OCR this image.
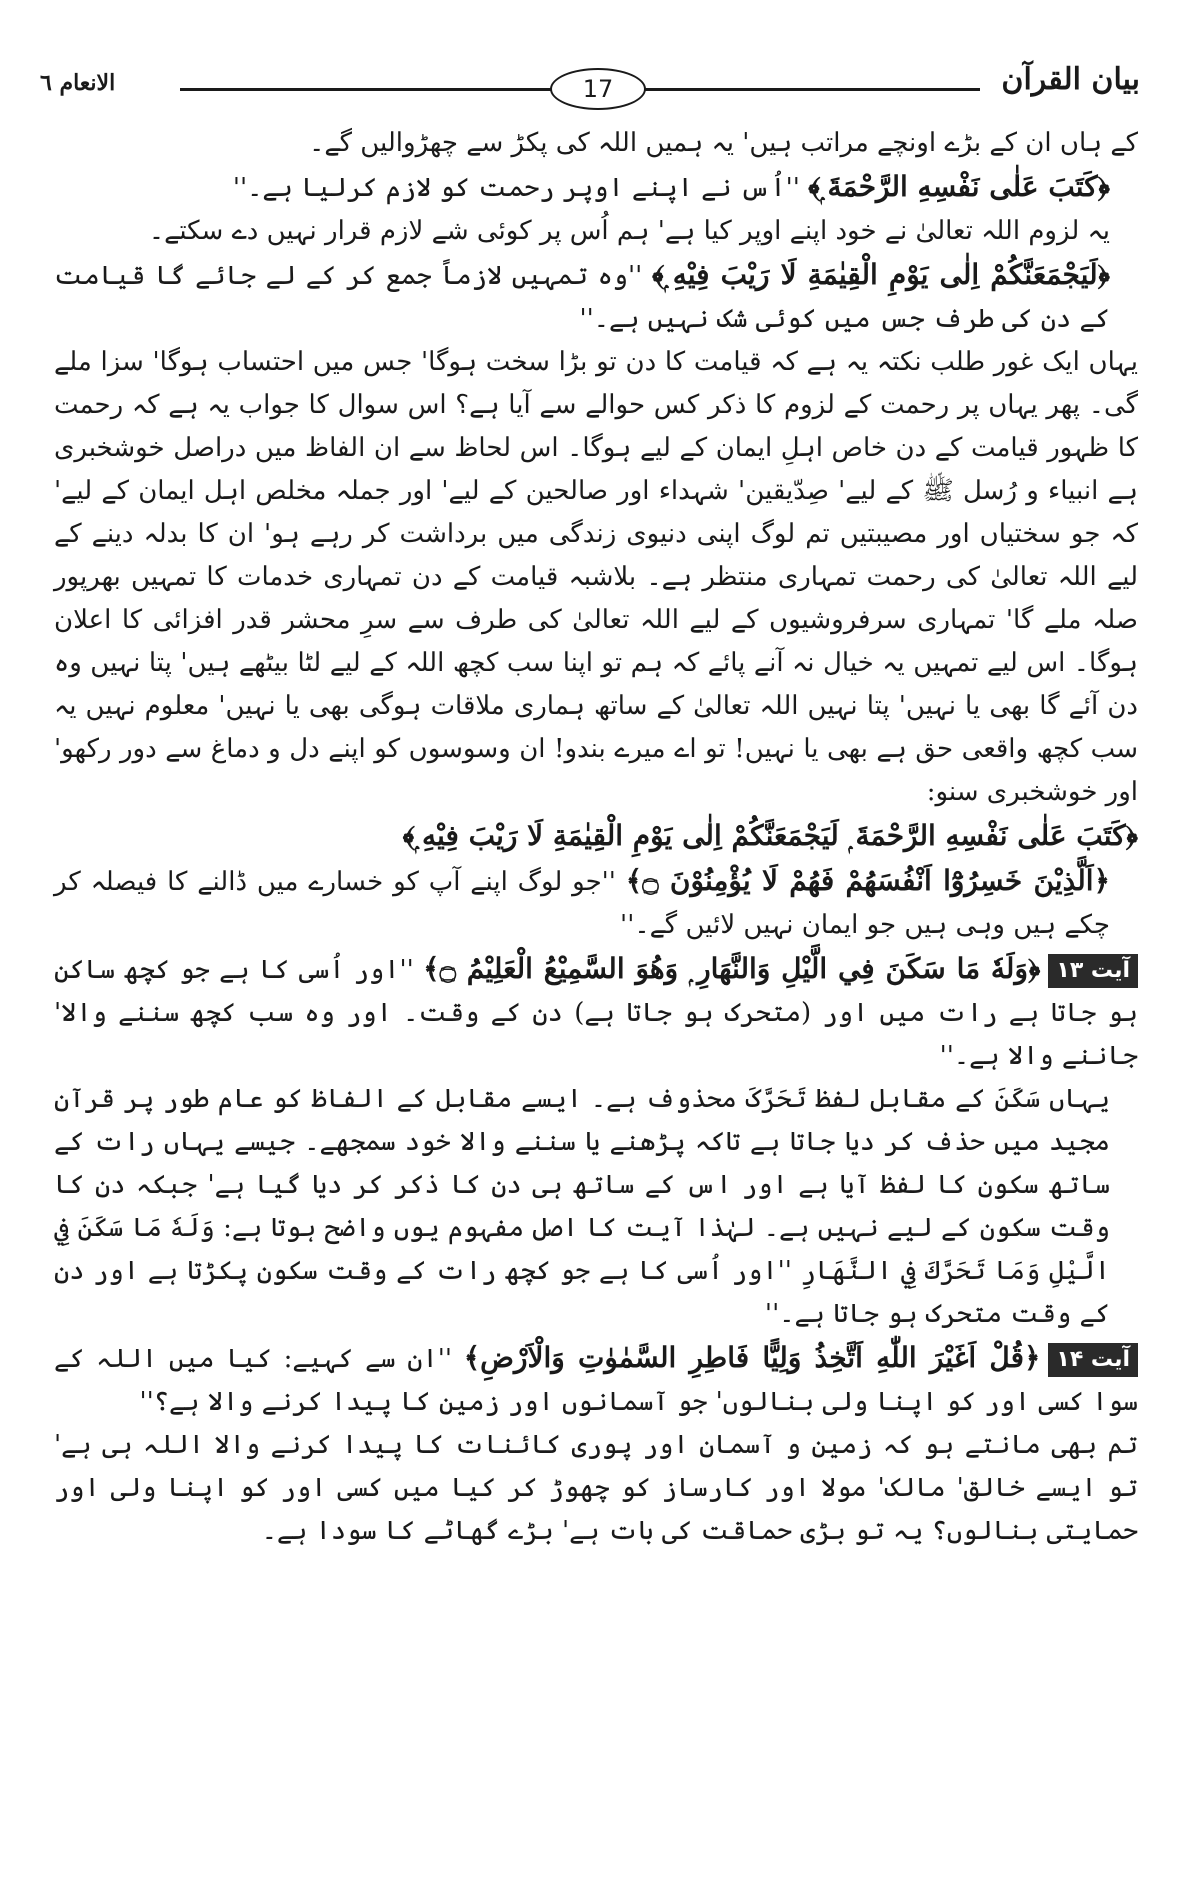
بیان القرآن
17
الانعام ٦

کے ہاں ان کے بڑے اونچے مراتب ہیں' یہ ہمیں اللہ کی پکڑ سے چھڑوالیں گے۔

﴿كَتَبَ عَلٰى نَفْسِهِ الرَّحْمَةَ ۭ﴾ ''اُس نے اپنے اوپر رحمت کو لازم کرلیا ہے۔''

یہ لزوم اللہ تعالیٰ نے خود اپنے اوپر کیا ہے' ہم اُس پر کوئی شے لازم قرار نہیں دے سکتے۔

﴿لَيَجْمَعَنَّكُمْ اِلٰى يَوْمِ الْقِيٰمَةِ لَا رَيْبَ فِيْهِ ۭ﴾ ''وہ تمہیں لازماً جمع کر کے لے جائے گا قیامت کے دن کی طرف جس میں کوئی شک نہیں ہے۔''

یہاں ایک غور طلب نکتہ یہ ہے کہ قیامت کا دن تو بڑا سخت ہوگا' جس میں احتساب ہوگا' سزا ملے گی۔ پھر یہاں پر رحمت کے لزوم کا ذکر کس حوالے سے آیا ہے؟ اس سوال کا جواب یہ ہے کہ رحمت کا ظہور قیامت کے دن خاص اہلِ ایمان کے لیے ہوگا۔ اس لحاظ سے ان الفاظ میں دراصل خوشخبری ہے انبیاء و رُسل ﷺ کے لیے' صِدّیقین' شہداء اور صالحین کے لیے' اور جملہ مخلص اہل ایمان کے لیے' کہ جو سختیاں اور مصیبتیں تم لوگ اپنی دنیوی زندگی میں برداشت کر رہے ہو' ان کا بدلہ دینے کے لیے اللہ تعالیٰ کی رحمت تمہاری منتظر ہے۔ بلاشبہ قیامت کے دن تمہاری خدمات کا تمہیں بھرپور صلہ ملے گا' تمہاری سرفروشیوں کے لیے اللہ تعالیٰ کی طرف سے سرِ محشر قدر افزائی کا اعلان ہوگا۔ اس لیے تمہیں یہ خیال نہ آنے پائے کہ ہم تو اپنا سب کچھ اللہ کے لیے لٹا بیٹھے ہیں' پتا نہیں وہ دن آئے گا بھی یا نہیں' پتا نہیں اللہ تعالیٰ کے ساتھ ہماری ملاقات ہوگی بھی یا نہیں' معلوم نہیں یہ سب کچھ واقعی حق ہے بھی یا نہیں! تو اے میرے بندو! ان وسوسوں کو اپنے دل و دماغ سے دور رکھو' اور خوشخبری سنو:

﴿كَتَبَ عَلٰى نَفْسِهِ الرَّحْمَةَ ۭ لَيَجْمَعَنَّكُمْ اِلٰى يَوْمِ الْقِيٰمَةِ لَا رَيْبَ فِيْهِ ۭ﴾

﴿اَلَّذِيْنَ خَسِرُوْٓا اَنْفُسَهُمْ فَهُمْ لَا يُؤْمِنُوْنَ ۝﴾ ''جو لوگ اپنے آپ کو خسارے میں ڈالنے کا فیصلہ کر چکے ہیں وہی ہیں جو ایمان نہیں لائیں گے۔''

آیت ۱۳﴿وَلَهٗ مَا سَكَنَ فِي الَّيْلِ وَالنَّهَارِ ۭ وَهُوَ السَّمِيْعُ الْعَلِيْمُ ۝﴾ ''اور اُسی کا ہے جو کچھ ساکن ہو جاتا ہے رات میں اور (متحرک ہو جاتا ہے) دن کے وقت۔ اور وہ سب کچھ سننے والا' جاننے والا ہے۔''

یہاں سَکَنَ کے مقابل لفظ تَحَرَّکَ محذوف ہے۔ ایسے مقابل کے الفاظ کو عام طور پر قرآن مجید میں حذف کر دیا جاتا ہے تاکہ پڑھنے یا سننے والا خود سمجھے۔ جیسے یہاں رات کے ساتھ سکون کا لفظ آیا ہے اور اس کے ساتھ ہی دن کا ذکر کر دیا گیا ہے' جبکہ دن کا وقت سکون کے لیے نہیں ہے۔ لہٰذا آیت کا اصل مفہوم یوں واضح ہوتا ہے: وَلَهٗ مَا سَكَنَ فِي الَّيْلِ وَمَا تَحَرَّكَ فِي النَّهَارِ ''اور اُسی کا ہے جو کچھ رات کے وقت سکون پکڑتا ہے اور دن کے وقت متحرک ہو جاتا ہے۔''

آیت ۱۴﴿قُلْ اَغَيْرَ اللّٰهِ اَتَّخِذُ وَلِيًّا فَاطِرِ السَّمٰوٰتِ وَالْاَرْضِ﴾ ''ان سے کہیے: کیا میں اللہ کے سوا کسی اور کو اپنا ولی بنالوں' جو آسمانوں اور زمین کا پیدا کرنے والا ہے؟''

تم بھی مانتے ہو کہ زمین و آسمان اور پوری کائنات کا پیدا کرنے والا اللہ ہی ہے' تو ایسے خالق' مالک' مولا اور کارساز کو چھوڑ کر کیا میں کسی اور کو اپنا ولی اور حمایتی بنالوں؟ یہ تو بڑی حماقت کی بات ہے' بڑے گھاٹے کا سودا ہے۔
